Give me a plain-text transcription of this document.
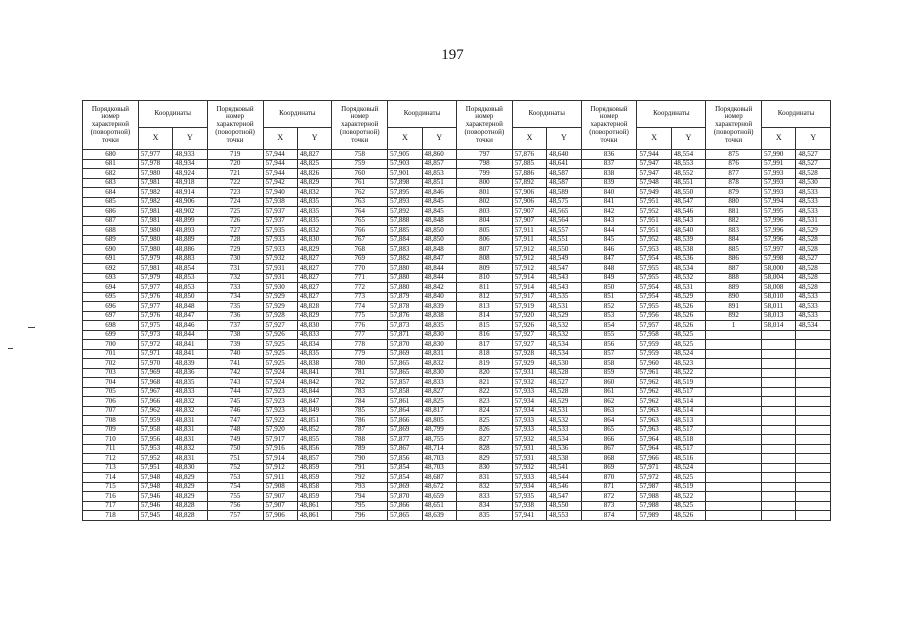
197
Порядковый номер характерной (поворотной) точки	Координаты		Порядковый номер характерной (поворотной) точки	Координаты		Порядковый номер характерной (поворотной) точки	Координаты		Порядковый номер характерной (поворотной) точки	Координаты		Порядковый номер характерной (поворотной) точки	Координаты		Порядковый номер характерной (поворотной) точки	Координаты	
	X	Y		X	Y		X	Y		X	Y		X	Y		X	Y
680	57,977	48,933	719	57,944	48,827	758	57,905	48,860	797	57,876	48,640	836	57,944	48,554	875	57,990	48,527
681	57,978	48,934	720	57,944	48,825	759	57,903	48,857	798	57,885	48,641	837	57,947	48,553	876	57,991	48,527
682	57,980	48,924	721	57,944	48,826	760	57,901	48,853	799	57,886	48,587	838	57,947	48,552	877	57,993	48,528
683	57,981	48,918	722	57,942	48,829	761	57,898	48,851	800	57,892	48,587	839	57,948	48,551	878	57,993	48,530
684	57,982	48,914	723	57,940	48,832	762	57,895	48,846	801	57,906	48,589	840	57,949	48,550	879	57,993	48,533
685	57,982	48,906	724	57,938	48,835	763	57,893	48,845	802	57,906	48,575	841	57,951	48,547	880	57,994	48,533
686	57,981	48,902	725	57,937	48,835	764	57,892	48,845	803	57,907	48,565	842	57,952	48,546	881	57,995	48,533
687	57,981	48,899	726	57,937	48,835	765	57,888	48,848	804	57,907	48,564	843	57,951	48,543	882	57,996	48,531
688	57,980	48,893	727	57,935	48,832	766	57,885	48,850	805	57,911	48,557	844	57,951	48,540	883	57,996	48,529
689	57,980	48,889	728	57,933	48,830	767	57,884	48,850	806	57,911	48,551	845	57,952	48,539	884	57,996	48,528
690	57,980	48,886	729	57,933	48,829	768	57,883	48,848	807	57,912	48,550	846	57,953	48,538	885	57,997	48,528
691	57,979	48,883	730	57,932	48,827	769	57,882	48,847	808	57,912	48,549	847	57,954	48,536	886	57,998	48,527
692	57,981	48,854	731	57,931	48,827	770	57,880	48,844	809	57,912	48,547	848	57,955	48,534	887	58,000	48,528
693	57,979	48,853	732	57,931	48,827	771	57,880	48,844	810	57,914	48,543	849	57,955	48,532	888	58,004	48,528
694	57,977	48,853	733	57,930	48,827	772	57,880	48,842	811	57,914	48,543	850	57,954	48,531	889	58,008	48,528
695	57,976	48,850	734	57,929	48,827	773	57,879	48,840	812	57,917	48,535	851	57,954	48,529	890	58,010	48,533
696	57,977	48,848	735	57,929	48,828	774	57,878	48,839	813	57,919	48,531	852	57,955	48,526	891	58,011	48,533
697	57,976	48,847	736	57,928	48,829	775	57,876	48,838	814	57,920	48,529	853	57,956	48,526	892	58,013	48,533
698	57,975	48,846	737	57,927	48,830	776	57,873	48,835	815	57,926	48,532	854	57,957	48,526	1	58,014	48,534
699	57,973	48,844	738	57,926	48,833	777	57,871	48,830	816	57,927	48,532	855	57,958	48,525			
700	57,972	48,841	739	57,925	48,834	778	57,870	48,830	817	57,927	48,534	856	57,959	48,525			
701	57,971	48,841	740	57,925	48,835	779	57,869	48,831	818	57,928	48,534	857	57,959	48,524			
702	57,970	48,839	741	57,925	48,838	780	57,865	48,832	819	57,929	48,530	858	57,960	48,523			
703	57,969	48,836	742	57,924	48,841	781	57,865	48,830	820	57,931	48,528	859	57,961	48,522			
704	57,968	48,835	743	57,924	48,842	782	57,857	48,833	821	57,932	48,527	860	57,962	48,519			
705	57,967	48,833	744	57,923	48,844	783	57,858	48,827	822	57,933	48,528	861	57,962	48,517			
706	57,966	48,832	745	57,923	48,847	784	57,861	48,825	823	57,934	48,529	862	57,962	48,514			
707	57,962	48,832	746	57,923	48,849	785	57,864	48,817	824	57,934	48,531	863	57,963	48,514			
708	57,959	48,831	747	57,922	48,851	786	57,866	48,805	825	57,933	48,532	864	57,963	48,513			
709	57,958	48,831	748	57,920	48,852	787	57,869	48,799	826	57,933	48,533	865	57,963	48,517			
710	57,956	48,831	749	57,917	48,855	788	57,877	48,755	827	57,932	48,534	866	57,964	48,518			
711	57,953	48,832	750	57,916	48,856	789	57,867	48,714	828	57,931	48,536	867	57,964	48,517			
712	57,952	48,831	751	57,914	48,857	790	57,856	48,703	829	57,931	48,538	868	57,966	48,516			
713	57,951	48,830	752	57,912	48,859	791	57,854	48,703	830	57,932	48,541	869	57,971	48,524			
714	57,948	48,829	753	57,911	48,859	792	57,854	48,687	831	57,933	48,544	870	57,972	48,525			
715	57,948	48,829	754	57,908	48,858	793	57,869	48,672	832	57,934	48,546	871	57,987	48,519			
716	57,946	48,829	755	57,907	48,859	794	57,870	48,659	833	57,935	48,547	872	57,988	48,522			
717	57,946	48,828	756	57,907	48,861	795	57,866	48,651	834	57,938	48,550	873	57,988	48,525			
718	57,945	48,828	757	57,906	48,861	796	57,865	48,639	835	57,941	48,553	874	57,989	48,526			
